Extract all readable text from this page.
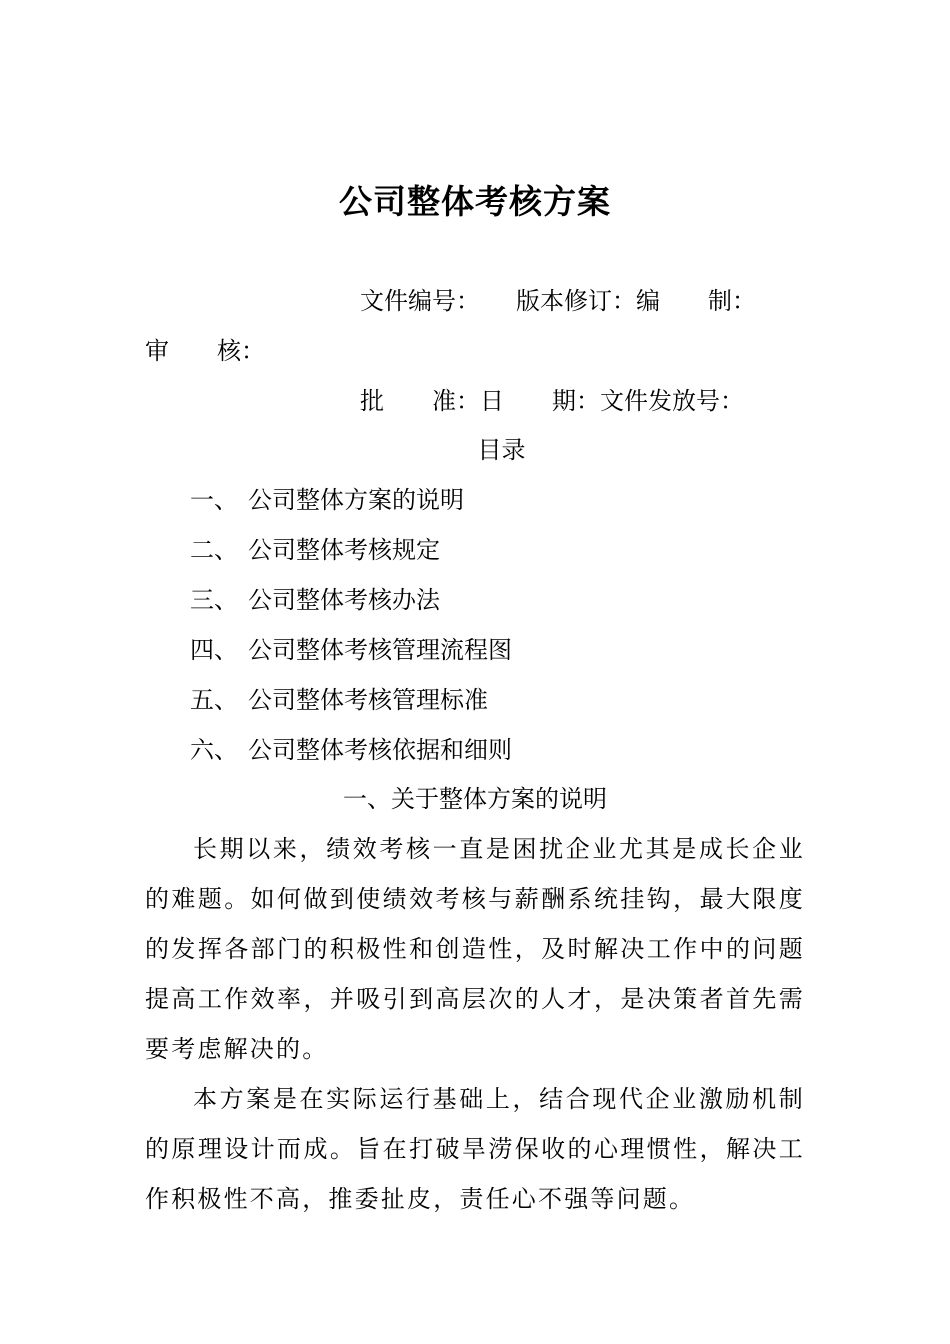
公司整体考核方案
文件编号：　　版本修订：编　　制：
审　　核：
批　　准：日　　期：文件发放号：
目录
一、 公司整体方案的说明
二、 公司整体考核规定
三、 公司整体考核办法
四、 公司整体考核管理流程图
五、 公司整体考核管理标准
六、 公司整体考核依据和细则
一、关于整体方案的说明

长期以来，绩效考核一直是困扰企业尤其是成长企业的难题。如何做到使绩效考核与薪酬系统挂钩，最大限度的发挥各部门的积极性和创造性，及时解决工作中的问题提高工作效率，并吸引到高层次的人才，是决策者首先需要考虑解决的。

本方案是在实际运行基础上，结合现代企业激励机制的原理设计而成。旨在打破旱涝保收的心理惯性，解决工作积极性不高，推委扯皮，责任心不强等问题。
